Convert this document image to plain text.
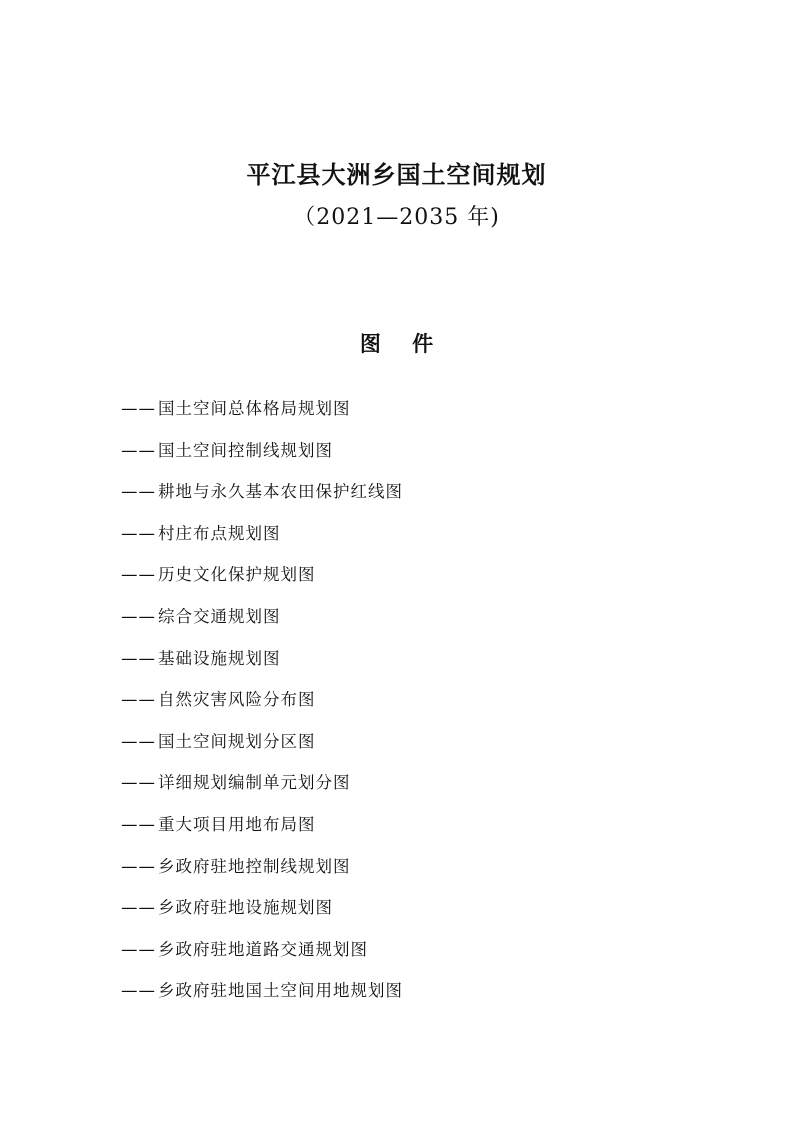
平江县大洲乡国土空间规划
（2021—2035 年)
图 件
—— 国土空间总体格局规划图
—— 国土空间控制线规划图
—— 耕地与永久基本农田保护红线图
—— 村庄布点规划图
—— 历史文化保护规划图
—— 综合交通规划图
—— 基础设施规划图
—— 自然灾害风险分布图
—— 国土空间规划分区图
—— 详细规划编制单元划分图
—— 重大项目用地布局图
—— 乡政府驻地控制线规划图
—— 乡政府驻地设施规划图
—— 乡政府驻地道路交通规划图
—— 乡政府驻地国土空间用地规划图
